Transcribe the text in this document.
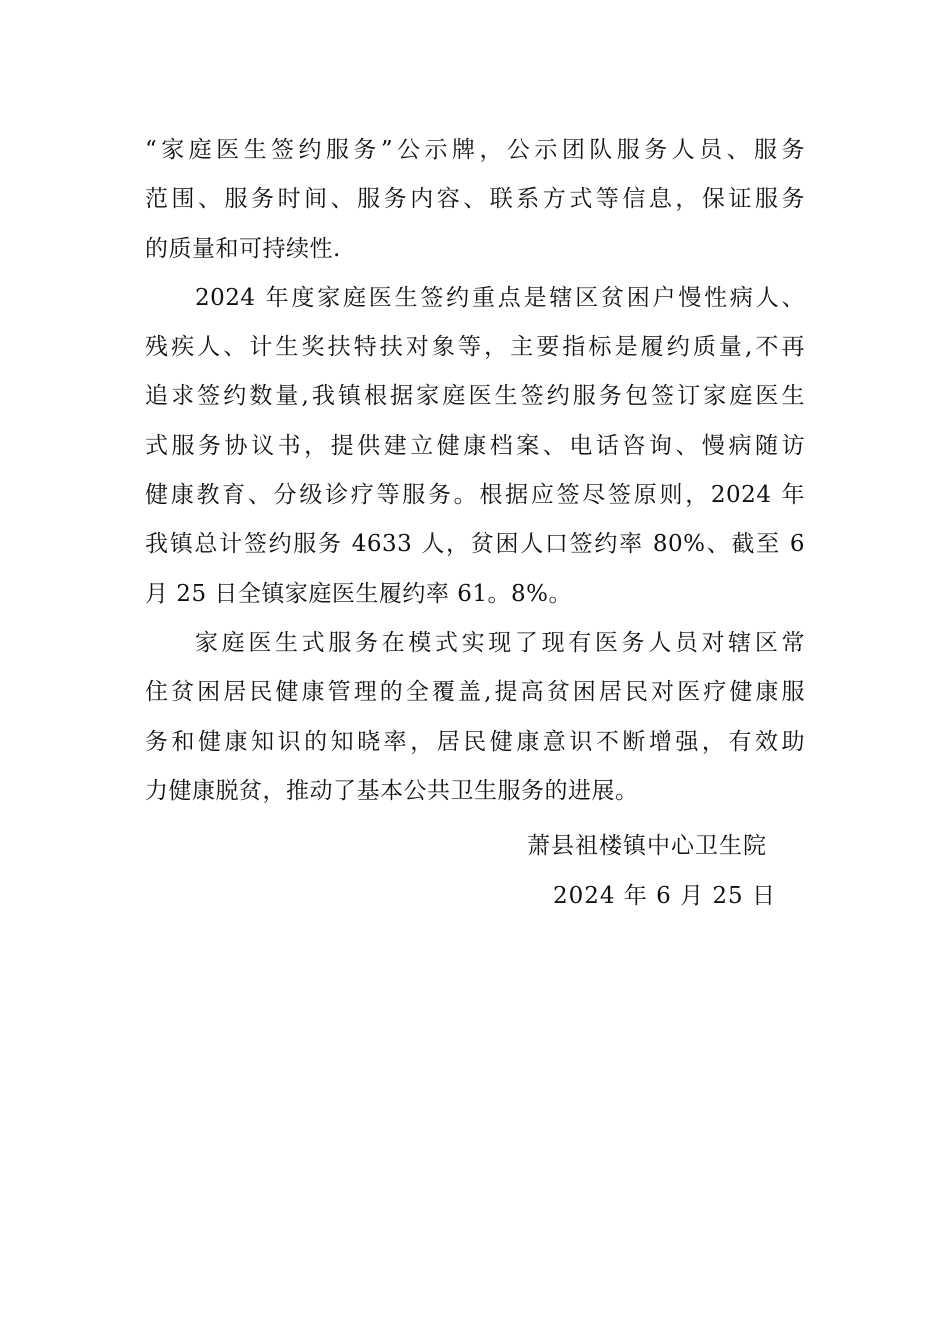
“家庭医生签约服务”公示牌，公示团队服务人员、服务
范围、服务时间、服务内容、联系方式等信息，保证服务
的质量和可持续性.
2024 年度家庭医生签约重点是辖区贫困户慢性病人、
残疾人、计生奖扶特扶对象等，主要指标是履约质量,不再
追求签约数量,我镇根据家庭医生签约服务包签订家庭医生
式服务协议书，提供建立健康档案、电话咨询、慢病随访
健康教育、分级诊疗等服务。根据应签尽签原则，2024 年
我镇总计签约服务 4633 人，贫困人口签约率 80%、截至 6
月 25 日全镇家庭医生履约率 61。8%。
家庭医生式服务在模式实现了现有医务人员对辖区常
住贫困居民健康管理的全覆盖,提高贫困居民对医疗健康服
务和健康知识的知晓率，居民健康意识不断增强，有效助
力健康脱贫，推动了基本公共卫生服务的进展。
萧县祖楼镇中心卫生院
2024 年 6 月 25 日
